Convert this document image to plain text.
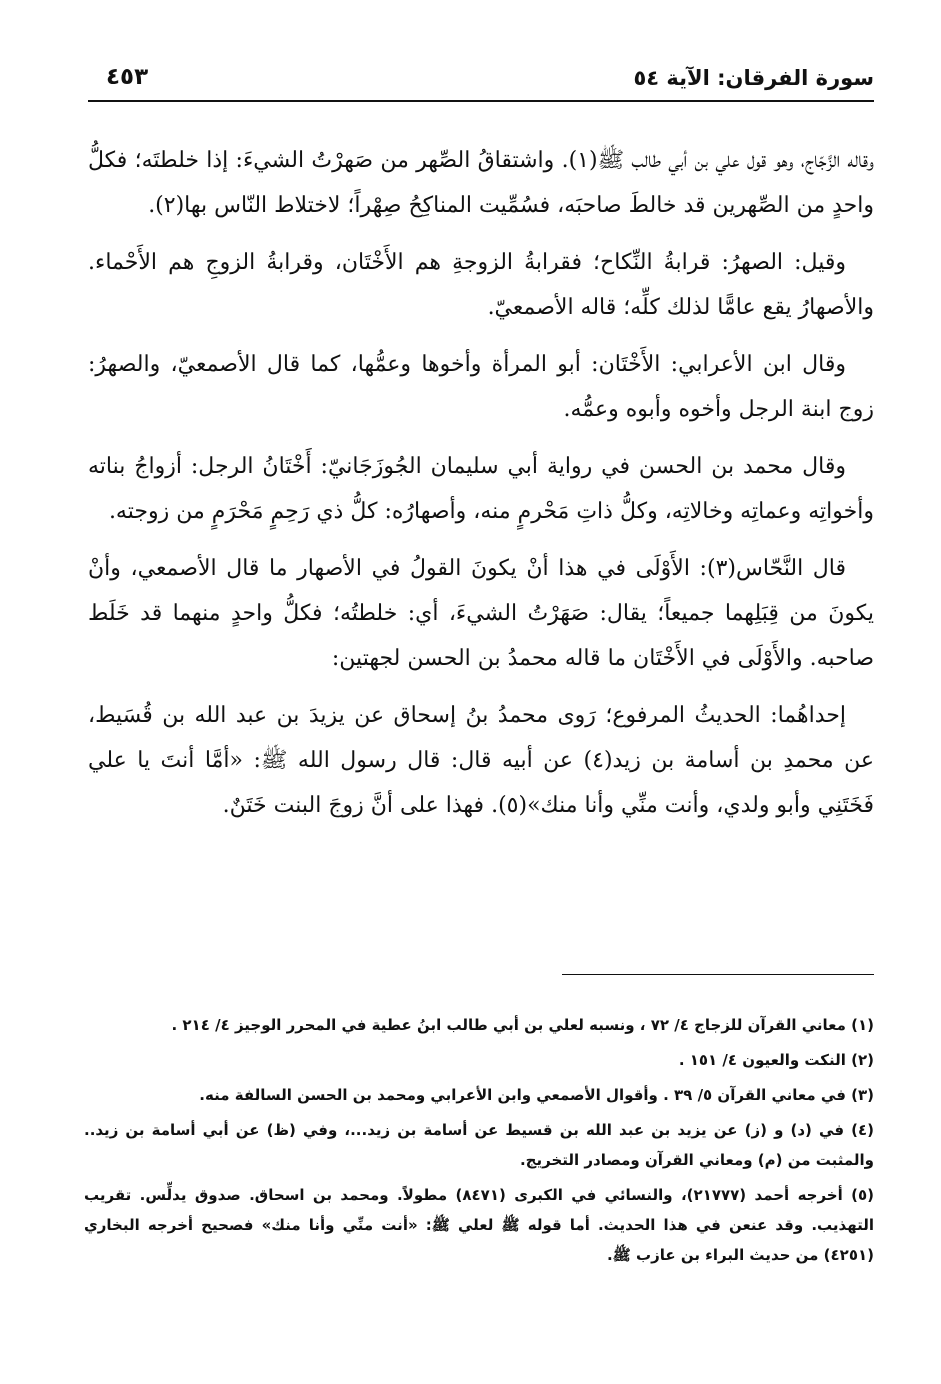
سورة الفرقان: الآية ٥٤
٤٥٣

وقاله الزَّجّاج، وهو قول علي بن أبي طالب ﷺ(١). واشتقاقُ الصِّهر من صَهرْتُ الشيءَ: إذا خلطتَه؛ فكلُّ واحدٍ من الصِّهرين قد خالطَ صاحبَه، فسُمِّيت المناكِحُ صِهْراً؛ لاختلاط النّاس بها(٢).

وقيل: الصهرُ: قرابةُ النِّكاح؛ فقرابةُ الزوجةِ هم الأَخْتَان، وقرابةُ الزوجِ هم الأَحْماء. والأصهارُ يقع عامًّا لذلك كلِّه؛ قاله الأصمعيّ.

وقال ابن الأعرابي: الأَخْتَان: أبو المرأة وأخوها وعمُّها، كما قال الأصمعيّ، والصهرُ: زوج ابنة الرجل وأخوه وأبوه وعمُّه.

وقال محمد بن الحسن في رواية أبي سليمان الجُوزَجَانيّ: أَخْتَانُ الرجل: أزواجُ بناته وأخواتِه وعماتِه وخالاتِه، وكلُّ ذاتِ مَحْرمٍ منه، وأصهارُه: كلُّ ذي رَحِمٍ مَحْرَمٍ من زوجته.

قال النَّحّاس(٣): الأَوْلَى في هذا أنْ يكونَ القولُ في الأصهار ما قال الأصمعي، وأنْ يكونَ من قِبَلِهما جميعاً؛ يقال: صَهَرْتُ الشيءَ، أي: خلطتُه؛ فكلُّ واحدٍ منهما قد خَلَط صاحبه. والأَوْلَى في الأَخْتَان ما قاله محمدُ بن الحسن لجهتين:

إحداهُما: الحديثُ المرفوع؛ رَوى محمدُ بنُ إسحاق عن يزيدَ بن عبد الله بن قُسَيط، عن محمدِ بن أسامة بن زيد(٤) عن أبيه قال: قال رسول الله ﷺ: «أمَّا أنتَ يا علي فَخَتَنِي وأبو ولدي، وأنت منِّي وأنا منك»(٥). فهذا على أنَّ زوجَ البنت خَتَنٌ.

(١) معاني القرآن للزجاج ٤/ ٧٢ ، ونسبه لعلي بن أبي طالب ابنُ عطية في المحرر الوجيز ٤/ ٢١٤ .

(٢) النكت والعيون ٤/ ١٥١ .

(٣) في معاني القرآن ٥/ ٣٩ . وأقوال الأصمعي وابن الأعرابي ومحمد بن الحسن السالفة منه.

(٤) في (د) و (ز) عن يزيد بن عبد الله بن قسيط عن أسامة بن زيد...، وفي (ظ) عن أبي أسامة بن زيد.. والمثبت من (م) ومعاني القرآن ومصادر التخريج.

(٥) أخرجه أحمد (٢١٧٧٧)، والنسائي في الكبرى (٨٤٧١) مطولاً. ومحمد بن اسحاق. صدوق يدلِّس. تقريب التهذيب. وقد عنعن في هذا الحديث. أما قوله ﷺ لعلي ﷺ: «أنت منِّي وأنا منك» فصحيح أخرجه البخاري (٤٢٥١) من حديث البراء بن عازب ﷺ.
